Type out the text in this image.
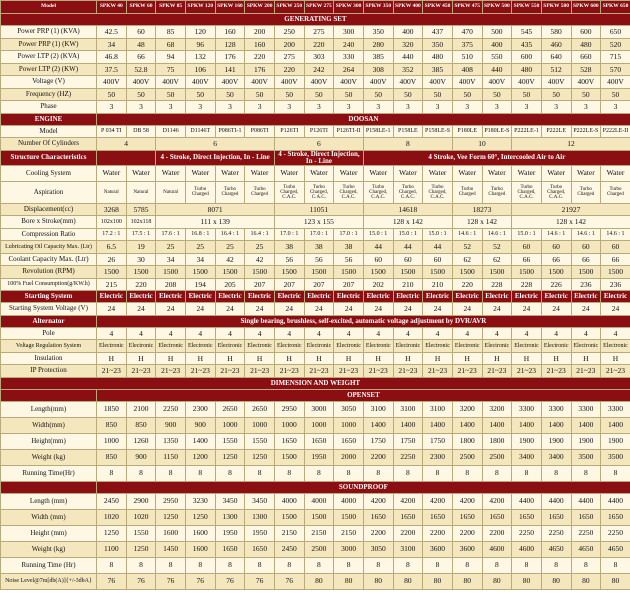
Model	SPKW 40	SPKW 60	SPKW 85	SPKW 120	SPKW 160	SPKW 200	SPKW 250	SPKW 275	SPKW 300	SPKW 350	SPKW 400	SPKW 450	SPKW 475	SPKW 500	SPKW 550	SPKW 580	SPKW 600	SPKW 650
GENERATING SET																		
Power PRP (1) (KVA)	42.5	60	85	120	160	200	250	275	300	350	400	437	470	500	545	580	600	650
Power PRP (1) (KW)	34	48	68	96	128	160	200	220	240	280	320	350	375	400	435	460	480	520
Power LTP (2) (KVA)	46.8	66	94	132	176	220	275	303	330	385	440	480	510	550	600	640	660	715
Power LTP (2) (KW)	37.5	52.8	75	106	141	176	220	242	264	308	352	385	408	440	480	512	528	570
Voltage (V)	400V	400V	400V	400V	400V	400V	400V	400V	400V	400V	400V	400V	400V	400V	400V	400V	400V	400V
Frequency (HZ)	50	50	50	50	50	50	50	50	50	50	50	50	50	50	50	50	50	50
Phase	3	3	3	3	3	3	3	3	3	3	3	3	3	3	3	3	3	3
ENGINE	DOOSAN																	
Model	P 034 TI	DB 58	D1146	D1146T	P086TI-1	P086TI	P126TI	P126TI	P126TI-II	P158LE-1	P158LE	P158LE-S	P180LE	P180LE-S	P222LE-1	P222LE	P222LE-S	P222LE-II
Number Of Cylinders	4		6				6			8			10		12			
Structure Characteristics			4 - Stroke, Direct Injection, In - Line				4 - Stroke, Direct Injection, In - Line			4 Stroke, Vee Form 60°, Intercooled Air to Air								
Cooling System	Water	Water	Water	Water	Water	Water	Water	Water	Water	Water	Water	Water	Water	Water	Water	Water	Water	Water
Aspiration	Natural	Natural	Natural	Turbo Charged	Turbo Charged	Turbo Charged	Turbo Charged, C.A.C.	Turbo Charged, C.A.C.	Turbo Charged, C.A.C.	Turbo Charged, C.A.C.	Turbo Charged, C.A.C.	Turbo Charged, C.A.C.	Turbo Charged	Turbo Charged	Turbo Charged, C.A.C.	Turbo Charged, C.A.C.	Turbo Charged	Turbo Charged
Displacement(cc)	3268	5785	8071				11051			14618			18273		21927			
Bore x Stroke(mm)	102x100	102x118	111 x 139				123 x 155			128 x 142			128 x 142		128 x 142			
Compression Ratio	17.2 : 1	17.5 : 1	17.6 : 1	16.8 : 1	16.4 : 1	16.4 : 1	17.0 : 1	17.0 : 1	17.0 : 1	15.0 : 1	15.0 : 1	15.0 : 1	14.6 : 1	14.6 : 1	15.0 : 1	14.6 : 1	14.6 : 1	14.6 : 1
Lubricating Oil Capacity Max. (Ltr)	6.5	19	25	25	25	25	38	38	38	44	44	44	52	52	60	60	60	60
Coolant Capacity Max. (Ltr)	26	30	34	34	42	42	56	56	56	60	60	60	62	62	66	66	66	66
Revolution (RPM)	1500	1500	1500	1500	1500	1500	1500	1500	1500	1500	1500	1500	1500	1500	1500	1500	1500	1500
100% Fuel Consumption(g/KW.h)	215	220	208	194	205	207	207	207	207	202	210	210	220	228	228	226	236	236
Starting System	Electric	Electric	Electric	Electric	Electric	Electric	Electric	Electric	Electric	Electric	Electric	Electric	Electric	Electric	Electric	Electric	Electric	Electric
Starting System Voltage (V)	24	24	24	24	24	24	24	24	24	24	24	24	24	24	24	24	24	24
Alternator	Single bearing, brushless, self-excited, automatic voltage adjustment by DVR/AVR																	
Pole	4	4	4	4	4	4	4	4	4	4	4	4	4	4	4	4	4	4
Voltage Regulation System	Electronic	Electronic	Electronic	Electronic	Electronic	Electronic	Electronic	Electronic	Electronic	Electronic	Electronic	Electronic	Electronic	Electronic	Electronic	Electronic	Electronic	Electronic
Insulation	H	H	H	H	H	H	H	H	H	H	H	H	H	H	H	H	H	H
IP Protection	21~23	21~23	21~23	21~23	21~23	21~23	21~23	21~23	21~23	21~23	21~23	21~23	21~23	21~23	21~23	21~23	21~23	21~23
DIMENSION AND WEIGHT																		
	OPENSET																	
Length(mm)	1850	2100	2250	2300	2650	2650	2950	3000	3050	3100	3100	3100	3200	3200	3300	3300	3300	3300
Width(mm)	850	850	900	900	1000	1000	1000	1000	1000	1400	1400	1400	1400	1400	1400	1400	1400	1400
Height(mm)	1000	1260	1350	1400	1550	1550	1650	1650	1650	1750	1750	1750	1800	1800	1900	1900	1900	1900
Weight (kg)	850	900	1150	1200	1250	1250	1500	1950	2000	2200	2250	2300	2500	2500	3400	3400	3500	3500
Running Time(Hr)	8	8	8	8	8	8	8	8	8	8	8	8	8	8	8	8	8	8
	SOUNDPROOF																	
Length (mm)	2450	2900	2950	3230	3450	3450	4000	4000	4000	4200	4200	4200	4200	4200	4400	4400	4400	4400
Width (mm)	1020	1020	1250	1250	1300	1300	1500	1500	1500	1650	1650	1650	1650	1650	1650	1650	1650	1650
Height (mm)	1250	1550	1600	1600	1950	1950	2150	2150	2150	2200	2200	2200	2200	2200	2250	2250	2250	2250
Weight (kg)	1100	1250	1450	1600	1650	1650	2450	2500	3000	3050	3100	3600	3600	4600	4600	4650	4650	4650
Running Time (Hr)	8	8	8	8	8	8	8	8	8	8	8	8	8	8	8	8	8	8
Noise Level@7m[db(A)]{+/-3dbA}	76	76	76	76	76	76	76	80	80	80	80	80	80	80	80	80	80	80
